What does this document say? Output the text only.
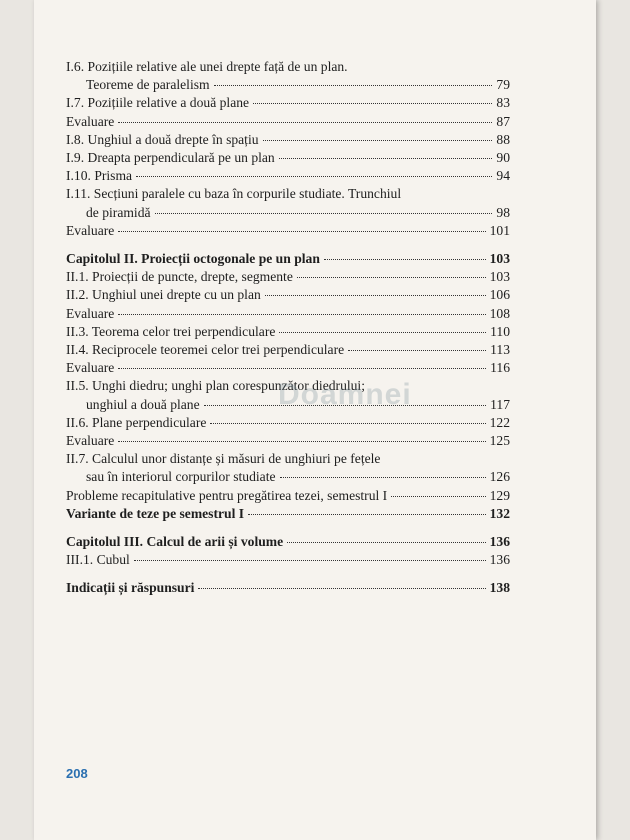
I.6. Pozițiile relative ale unei drepte față de un plan.
Teoreme de paralelism	79
I.7. Pozițiile relative a două plane	83
Evaluare	87
I.8. Unghiul a două drepte în spațiu	88
I.9. Dreapta perpendiculară pe un plan	90
I.10. Prisma	94
I.11. Secțiuni paralele cu baza în corpurile studiate. Trunchiul
de piramidă	98
Evaluare	101
Capitolul II. Proiecții octogonale pe un plan	103
II.1. Proiecții de puncte, drepte, segmente	103
II.2. Unghiul unei drepte cu un plan	106
Evaluare	108
II.3. Teorema celor trei perpendiculare	110
II.4. Reciprocele teoremei celor trei perpendiculare	113
Evaluare	116
II.5. Unghi diedru; unghi plan corespunzător diedrului;
unghiul a două plane	117
II.6. Plane perpendiculare	122
Evaluare	125
II.7. Calculul unor distanțe și măsuri de unghiuri pe fețele
sau în interiorul corpurilor studiate	126
Probleme recapitulative pentru pregătirea tezei, semestrul I	129
Variante de teze pe semestrul I	132
Capitolul III. Calcul de arii și volume	136
III.1. Cubul	136
Indicații și răspunsuri	138
Doamnei
208
